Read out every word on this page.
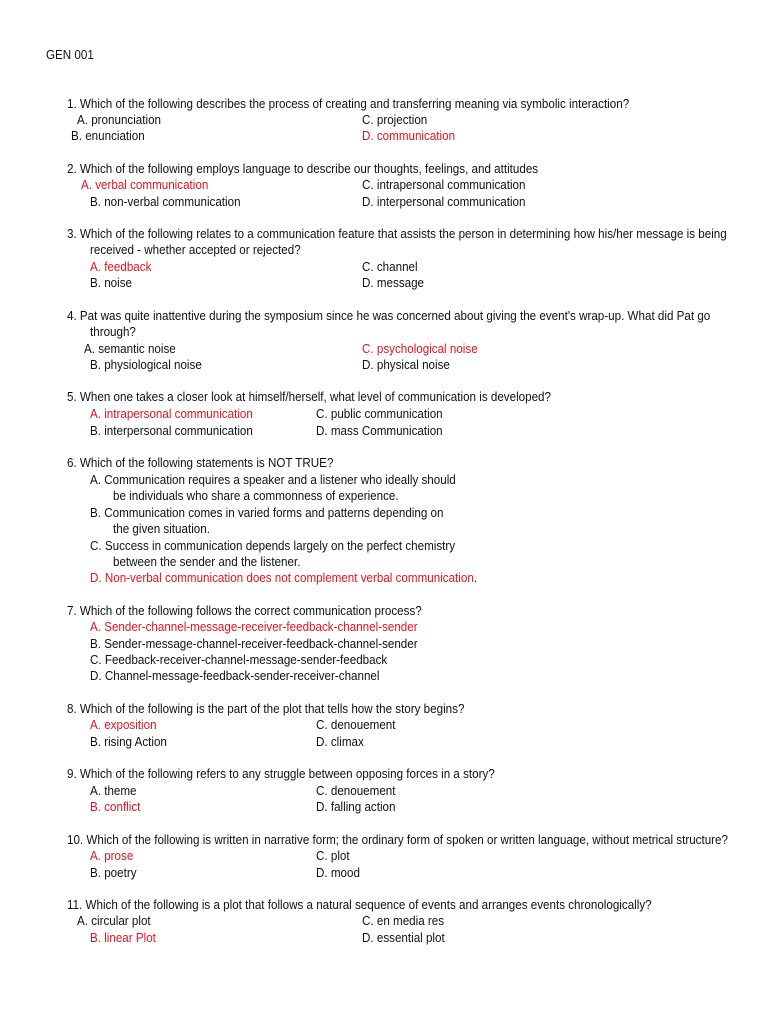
GEN 001
1. Which of the following describes the process of creating and transferring meaning via symbolic interaction?
A. pronunciation
B. enunciation
C. projection
D. communication
2. Which of the following employs language to describe our thoughts, feelings, and attitudes
A. verbal communication
B. non-verbal communication
C. intrapersonal communication
D. interpersonal communication
3. Which of the following relates to a communication feature that assists the person in determining how his/her message is being
received - whether accepted or rejected?
A. feedback
B. noise
C. channel
D. message
4. Pat was quite inattentive during the symposium since he was concerned about giving the event's wrap-up. What did Pat go
through?
A. semantic noise
B. physiological noise
C. psychological noise
D. physical noise
5. When one takes a closer look at himself/herself, what level of communication is developed?
A. intrapersonal communication
B. interpersonal communication
C. public communication
D. mass Communication
6. Which of the following statements is NOT TRUE?
A. Communication requires a speaker and a listener who ideally should
be individuals who share a commonness of experience.
B. Communication comes in varied forms and patterns depending on
the given situation.
C. Success in communication depends largely on the perfect chemistry
between the sender and the listener.
D. Non-verbal communication does not complement verbal communication.
7. Which of the following follows the correct communication process?
A. Sender-channel-message-receiver-feedback-channel-sender
B. Sender-message-channel-receiver-feedback-channel-sender
C. Feedback-receiver-channel-message-sender-feedback
D. Channel-message-feedback-sender-receiver-channel
8. Which of the following is the part of the plot that tells how the story begins?
A. exposition
B. rising Action
C. denouement
D. climax
9. Which of the following refers to any struggle between opposing forces in a story?
A. theme
B. conflict
C. denouement
D. falling action
10. Which of the following is written in narrative form; the ordinary form of spoken or written language, without metrical structure?
A. prose
B. poetry
C. plot
D. mood
11. Which of the following is a plot that follows a natural sequence of events and arranges events chronologically?
A. circular plot
B. linear Plot
C. en media res
D. essential plot
